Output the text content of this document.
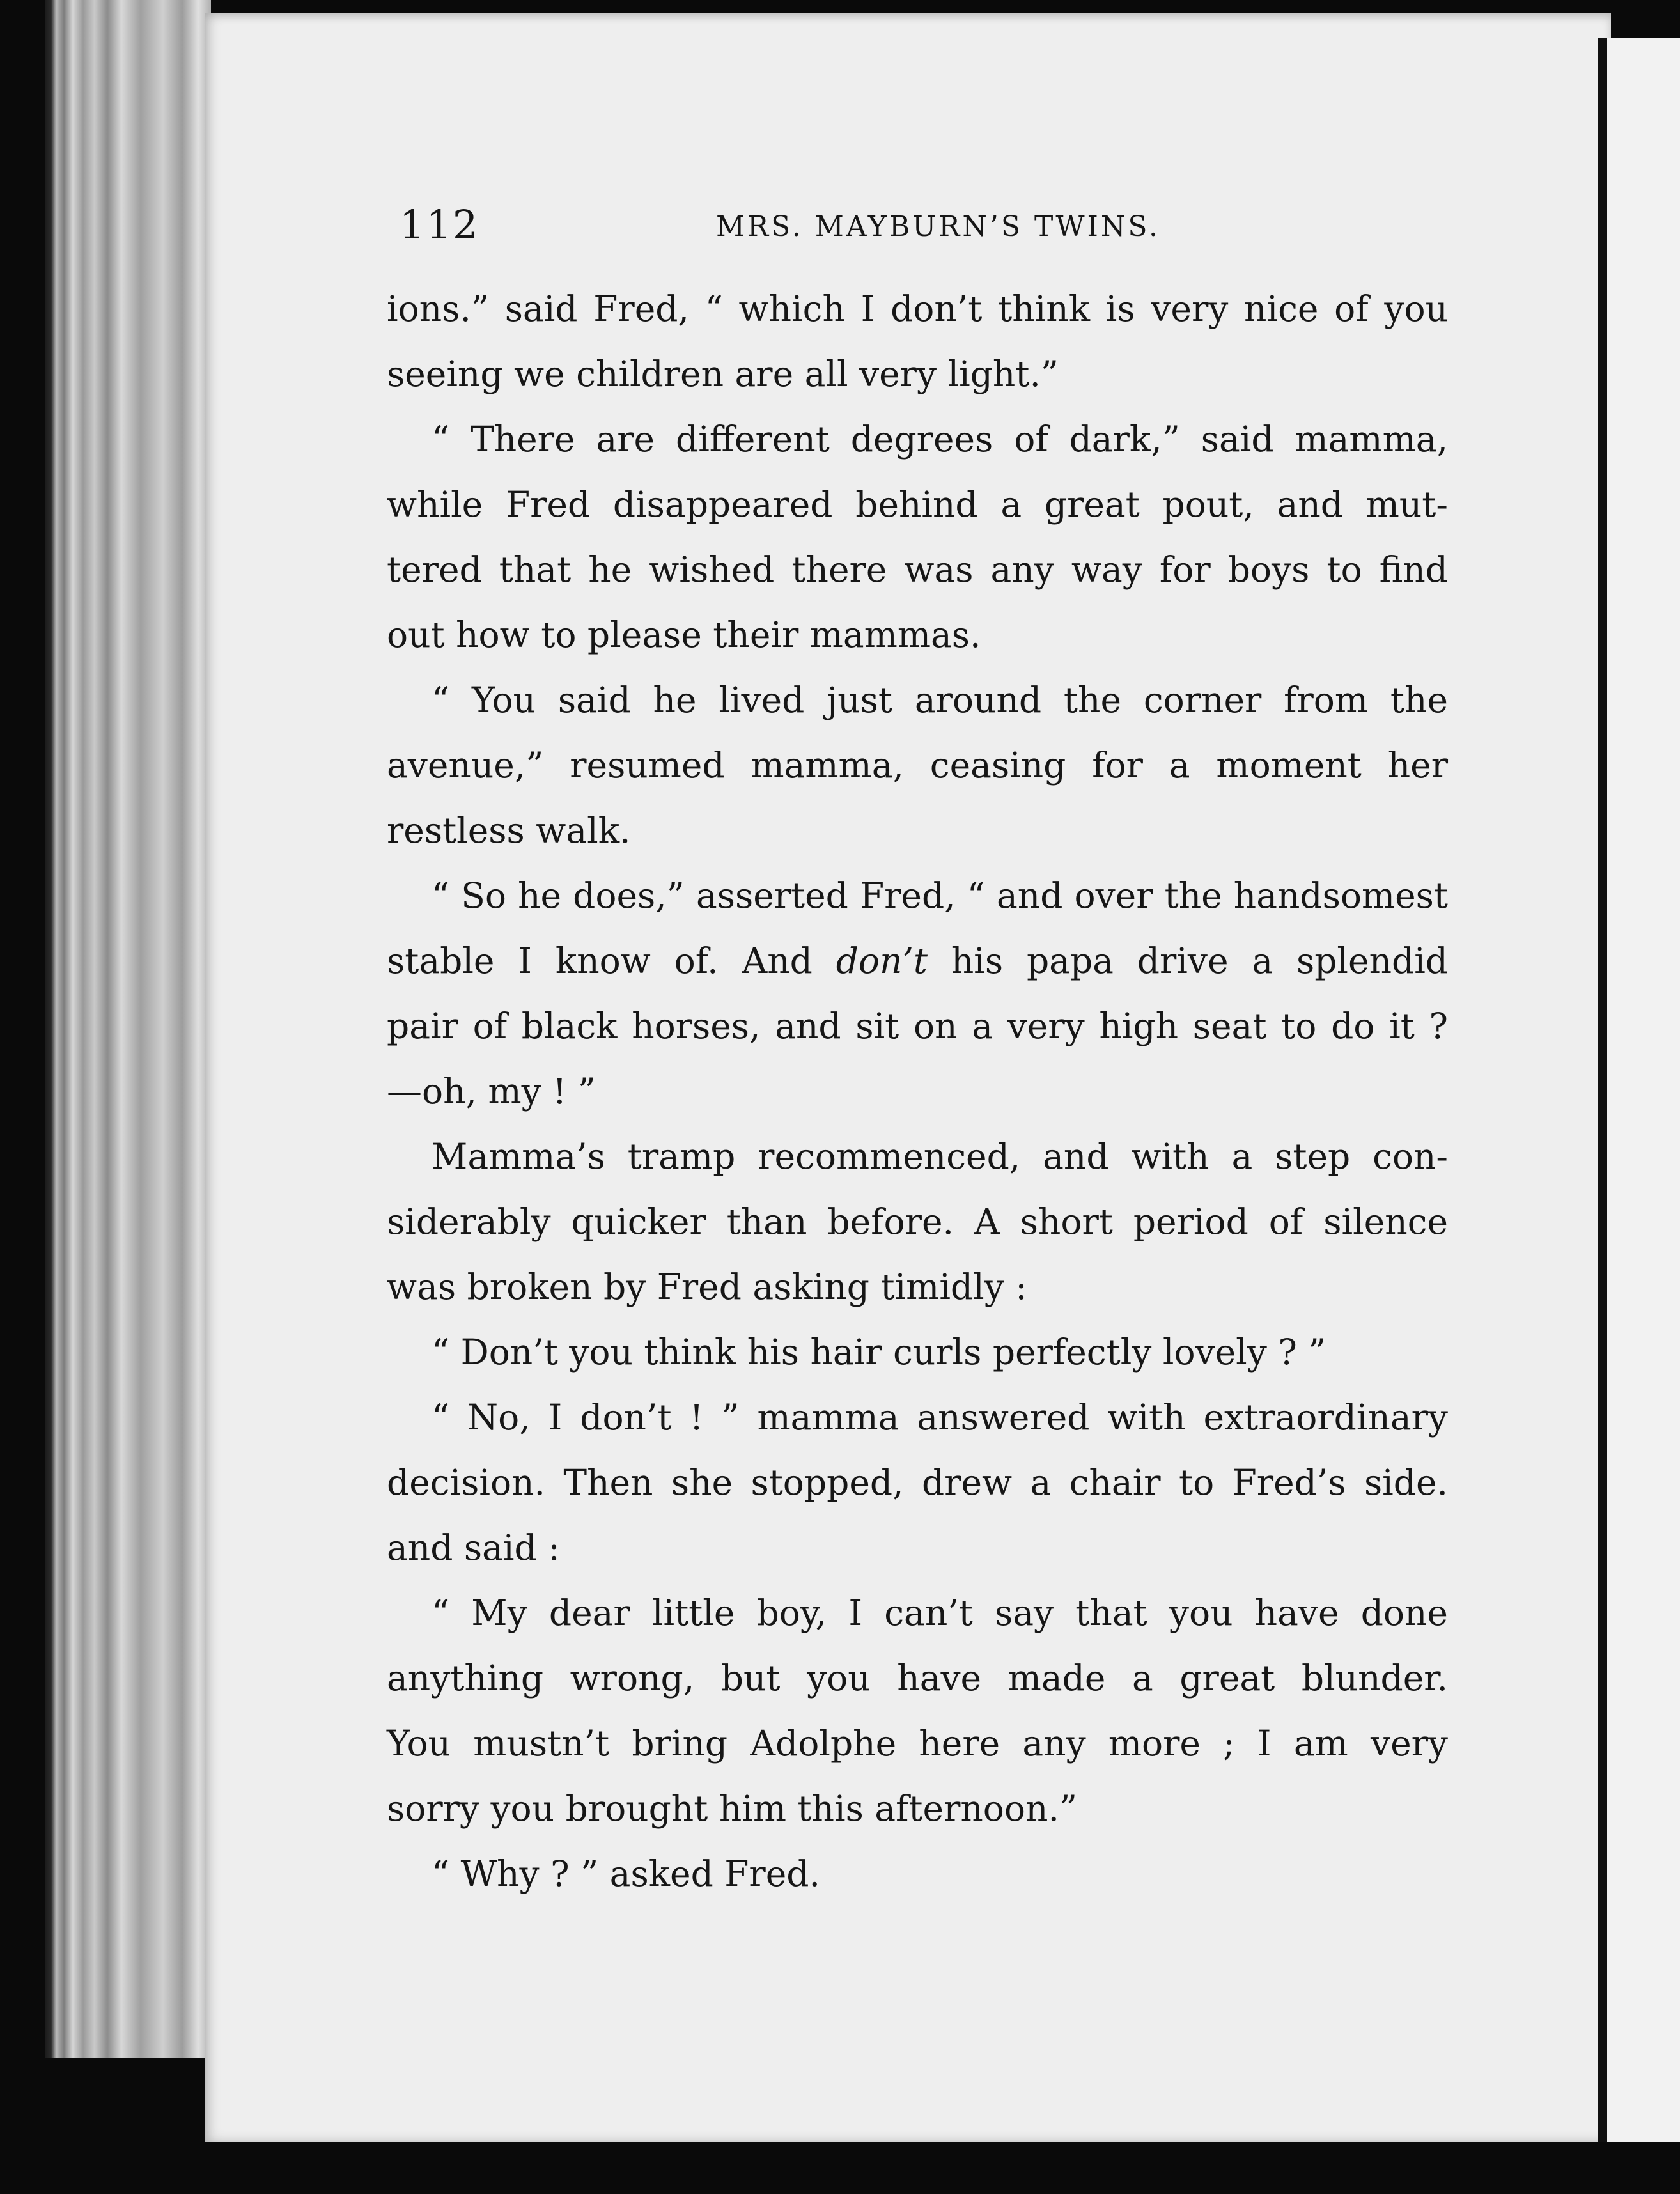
112	MRS. MAYBURN’S TWINS.
ions.” said Fred, “ which I don’t think is very nice of you
seeing we children are all very light.”
“ There are different degrees of dark,” said mamma,
while Fred disappeared behind a great pout, and mut-
tered that he wished there was any way for boys to find
out how to please their mammas.
“ You said he lived just around the corner from the
avenue,” resumed mamma, ceasing for a moment her
restless walk.
“ So he does,” asserted Fred, “ and over the handsomest
stable I know of. And don’t his papa drive a splendid
pair of black horses, and sit on a very high seat to do it ?
—oh, my ! ”
Mamma’s tramp recommenced, and with a step con-
siderably quicker than before. A short period of silence
was broken by Fred asking timidly :
“ Don’t you think his hair curls perfectly lovely ? ”
“ No, I don’t ! ” mamma answered with extraordinary
decision. Then she stopped, drew a chair to Fred’s side.
and said :
“ My dear little boy, I can’t say that you have done
anything wrong, but you have made a great blunder.
You mustn’t bring Adolphe here any more ; I am very
sorry you brought him this afternoon.”
“ Why ? ” asked Fred.
